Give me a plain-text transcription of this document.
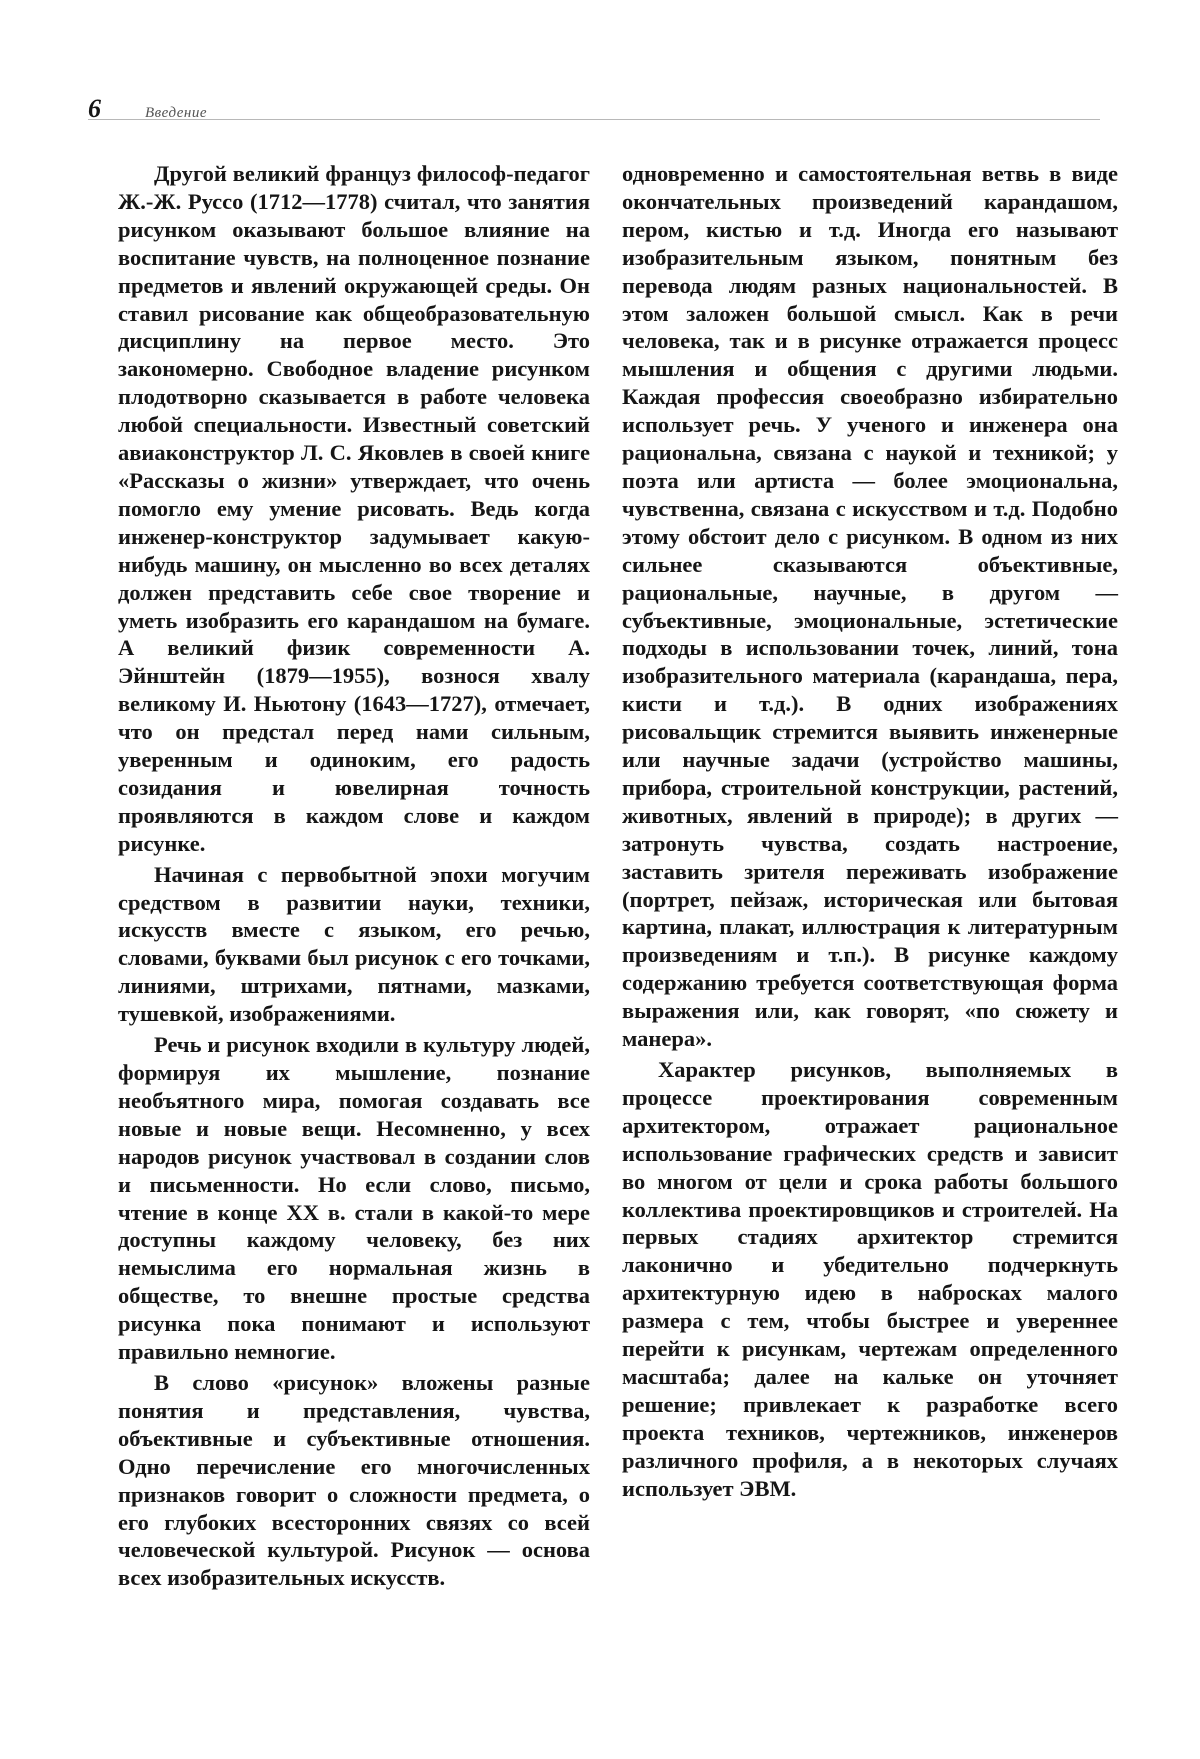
6	Введение

Другой великий француз философ-педагог Ж.-Ж. Руссо (1712—1778) считал, что занятия рисунком оказывают большое влияние на воспитание чувств, на полноценное познание предметов и явлений окружающей среды. Он ставил рисование как общеобразовательную дисциплину на первое место. Это закономерно. Свободное владение рисунком плодотворно сказывается в работе человека любой специальности. Известный советский авиаконструктор Л. С. Яковлев в своей книге «Рассказы о жизни» утверждает, что очень помогло ему умение рисовать. Ведь когда инженер-конструктор задумывает какую-нибудь машину, он мысленно во всех деталях должен представить себе свое творение и уметь изобразить его карандашом на бумаге. А великий физик современности А. Эйнштейн (1879—1955), вознося хвалу великому И. Ньютону (1643—1727), отмечает, что он предстал перед нами сильным, уверенным и одиноким, его радость созидания и ювелирная точность проявляются в каждом слове и каждом рисунке.

Начиная с первобытной эпохи могучим средством в развитии науки, техники, искусств вместе с языком, его речью, словами, буквами был рисунок с его точками, линиями, штрихами, пятнами, мазками, тушевкой, изображениями.

Речь и рисунок входили в культуру людей, формируя их мышление, познание необъятного мира, помогая создавать все новые и новые вещи. Несомненно, у всех народов рисунок участвовал в создании слов и письменности. Но если слово, письмо, чтение в конце XX в. стали в какой-то мере доступны каждому человеку, без них немыслима его нормальная жизнь в обществе, то внешне простые средства рисунка пока понимают и используют правильно немногие.

В слово «рисунок» вложены разные понятия и представления, чувства, объективные и субъективные отношения. Одно перечисление его многочисленных признаков говорит о сложности предмета, о его глубоких всесторонних связях со всей человеческой культурой. Рисунок — основа всех изобразительных искусств.

одновременно и самостоятельная ветвь в виде окончательных произведений карандашом, пером, кистью и т.д. Иногда его называют изобразительным языком, понятным без перевода людям разных национальностей. В этом заложен большой смысл. Как в речи человека, так и в рисунке отражается процесс мышления и общения с другими людьми. Каждая профессия своеобразно избирательно использует речь. У ученого и инженера она рациональна, связана с наукой и техникой; у поэта или артиста — более эмоциональна, чувственна, связана с искусством и т.д. Подобно этому обстоит дело с рисунком. В одном из них сильнее сказываются объективные, рациональные, научные, в другом — субъективные, эмоциональные, эстетические подходы в использовании точек, линий, тона изобразительного материала (карандаша, пера, кисти и т.д.). В одних изображениях рисовальщик стремится выявить инженерные или научные задачи (устройство машины, прибора, строительной конструкции, растений, животных, явлений в природе); в других — затронуть чувства, создать настроение, заставить зрителя переживать изображение (портрет, пейзаж, историческая или бытовая картина, плакат, иллюстрация к литературным произведениям и т.п.). В рисунке каждому содержанию требуется соответствующая форма выражения или, как говорят, «по сюжету и манера».

Характер рисунков, выполняемых в процессе проектирования современным архитектором, отражает рациональное использование графических средств и зависит во многом от цели и срока работы большого коллектива проектировщиков и строителей. На первых стадиях архитектор стремится лаконично и убедительно подчеркнуть архитектурную идею в набросках малого размера с тем, чтобы быстрее и увереннее перейти к рисункам, чертежам определенного масштаба; далее на кальке он уточняет решение; привлекает к разработке всего проекта техников, чертежников, инженеров различного профиля, а в некоторых случаях использует ЭВМ.
